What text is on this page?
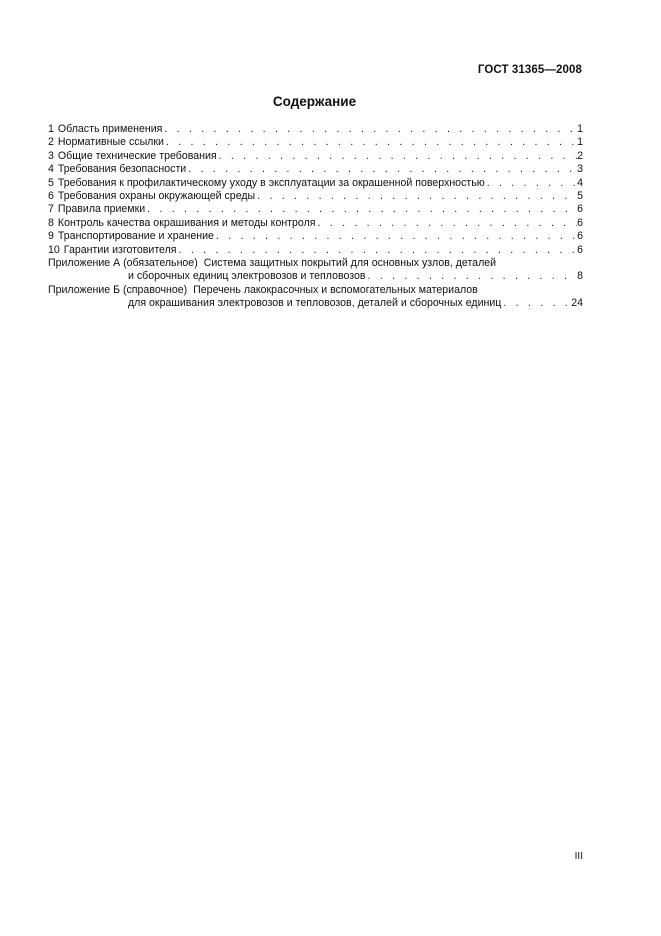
ГОСТ 31365—2008
Содержание
1 Область применения . . .	1
2 Нормативные ссылки . . .	1
3 Общие технические требования . . .	2
4 Требования безопасности . . .	3
5 Требования к профилактическому уходу в эксплуатации за окрашенной поверхностью . . .	4
6 Требования охраны окружающей среды . . .	5
7 Правила приемки . . .	6
8 Контроль качества окрашивания и методы контроля . . .	6
9 Транспортирование и хранение . . .	6
10 Гарантии изготовителя . . .	6
Приложение А (обязательное) Система защитных покрытий для основных узлов, деталей
и сборочных единиц электровозов и тепловозов . . .	8
Приложение Б (справочное) Перечень лакокрасочных и вспомогательных материалов
для окрашивания электровозов и тепловозов, деталей и сборочных единиц . . .	24
III
